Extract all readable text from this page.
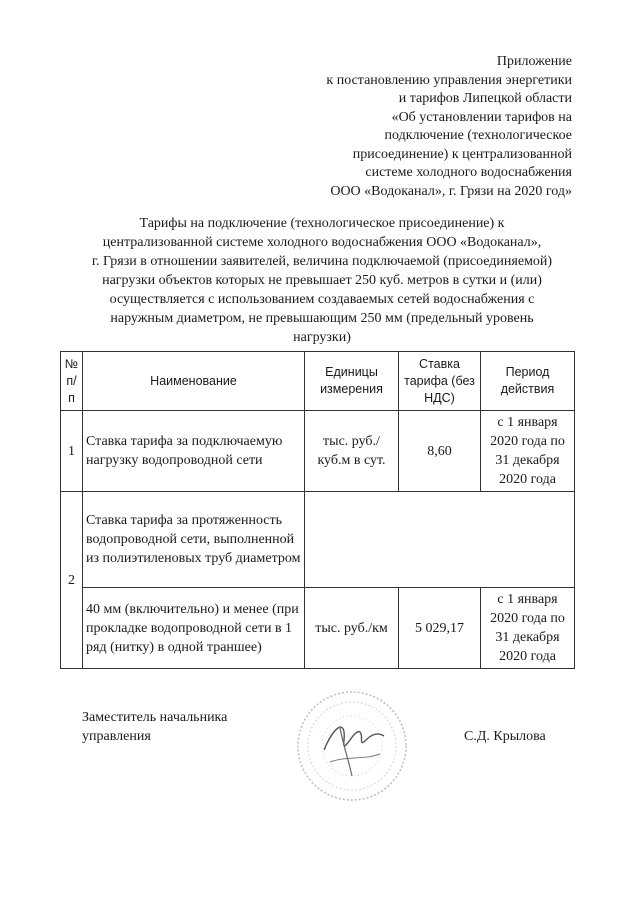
Приложение
к постановлению управления энергетики
и тарифов Липецкой области
«Об установлении тарифов на
подключение (технологическое
присоединение) к централизованной
системе холодного водоснабжения
ООО «Водоканал», г. Грязи на 2020 год»
Тарифы на подключение (технологическое присоединение) к
централизованной системе холодного водоснабжения ООО «Водоканал»,
г. Грязи в отношении заявителей, величина подключаемой (присоединяемой)
нагрузки объектов которых не превышает 250 куб. метров в сутки и (или)
осуществляется с использованием создаваемых сетей водоснабжения с
наружным диаметром, не превышающим 250 мм (предельный уровень
нагрузки)
№ п/п	Наименование	Единицы измерения	Ставка тарифа (без НДС)	Период действия
1	Ставка тарифа за подключаемую нагрузку водопроводной сети	тыс. руб./ куб.м в сут.	8,60	с 1 января 2020 года по 31 декабря 2020 года
2	Ставка тарифа за протяженность водопроводной сети, выполненной из полиэтиленовых труб диаметром			
	40 мм (включительно) и менее (при прокладке водопроводной сети в 1 ряд (нитку) в одной траншее)	тыс. руб./км	5 029,17	с 1 января 2020 года по 31 декабря 2020 года
Заместитель начальника
управления	С.Д. Крылова
